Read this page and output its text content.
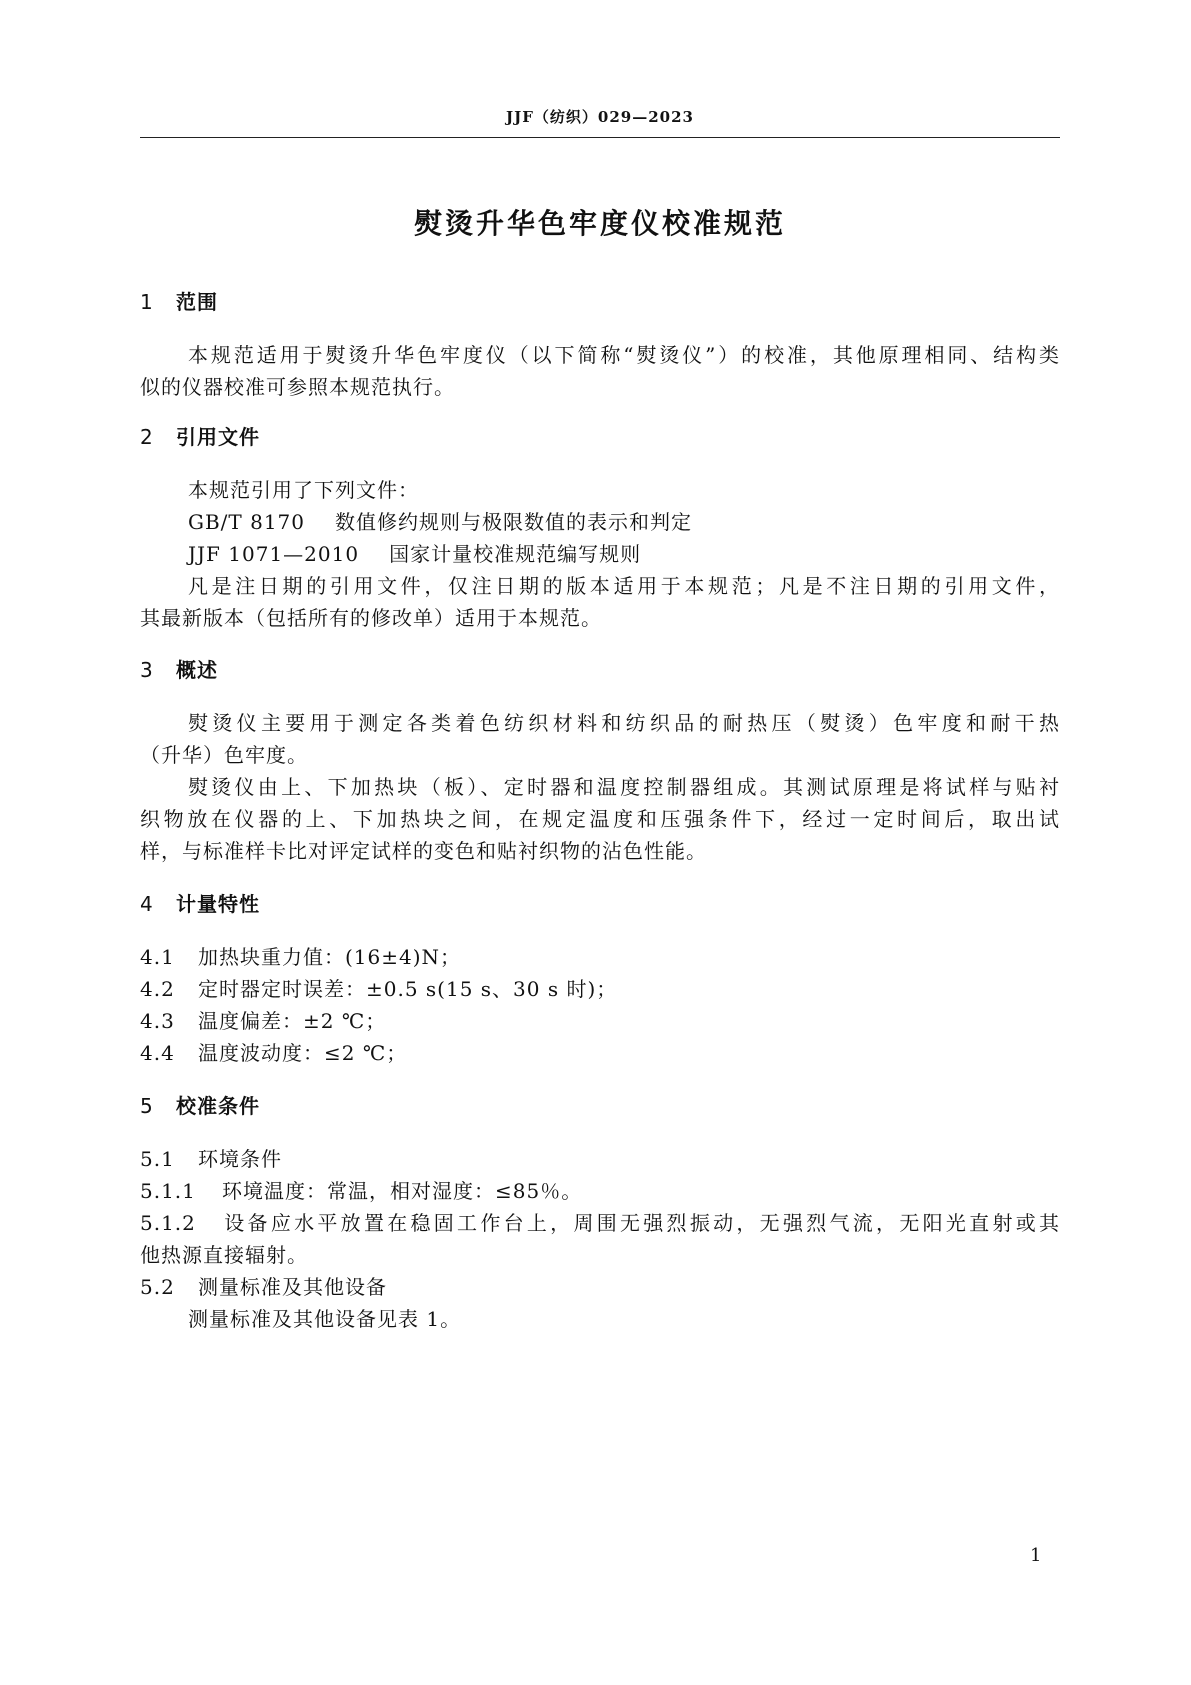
JJF（纺织）029—2023
熨烫升华色牢度仪校准规范
1 范围
本规范适用于熨烫升华色牢度仪（以下简称“熨烫仪”）的校准，其他原理相同、结构类
似的仪器校准可参照本规范执行。
2 引用文件
本规范引用了下列文件：
GB/T 8170 数值修约规则与极限数值的表示和判定
JJF 1071—2010 国家计量校准规范编写规则
凡是注日期的引用文件，仅注日期的版本适用于本规范；凡是不注日期的引用文件，
其最新版本（包括所有的修改单）适用于本规范。
3 概述
熨烫仪主要用于测定各类着色纺织材料和纺织品的耐热压（熨烫）色牢度和耐干热
（升华）色牢度。
熨烫仪由上、下加热块（板）、定时器和温度控制器组成。其测试原理是将试样与贴衬
织物放在仪器的上、下加热块之间，在规定温度和压强条件下，经过一定时间后，取出试
样，与标准样卡比对评定试样的变色和贴衬织物的沾色性能。
4 计量特性
4.1 加热块重力值：(16±4)N；
4.2 定时器定时误差：±0.5 s(15 s、30 s 时)；
4.3 温度偏差：±2 ℃；
4.4 温度波动度：≤2 ℃；
5 校准条件
5.1 环境条件
5.1.1 环境温度：常温，相对湿度：≤85％。
5.1.2 设备应水平放置在稳固工作台上，周围无强烈振动，无强烈气流，无阳光直射或其
他热源直接辐射。
5.2 测量标准及其他设备
测量标准及其他设备见表 1。
1
